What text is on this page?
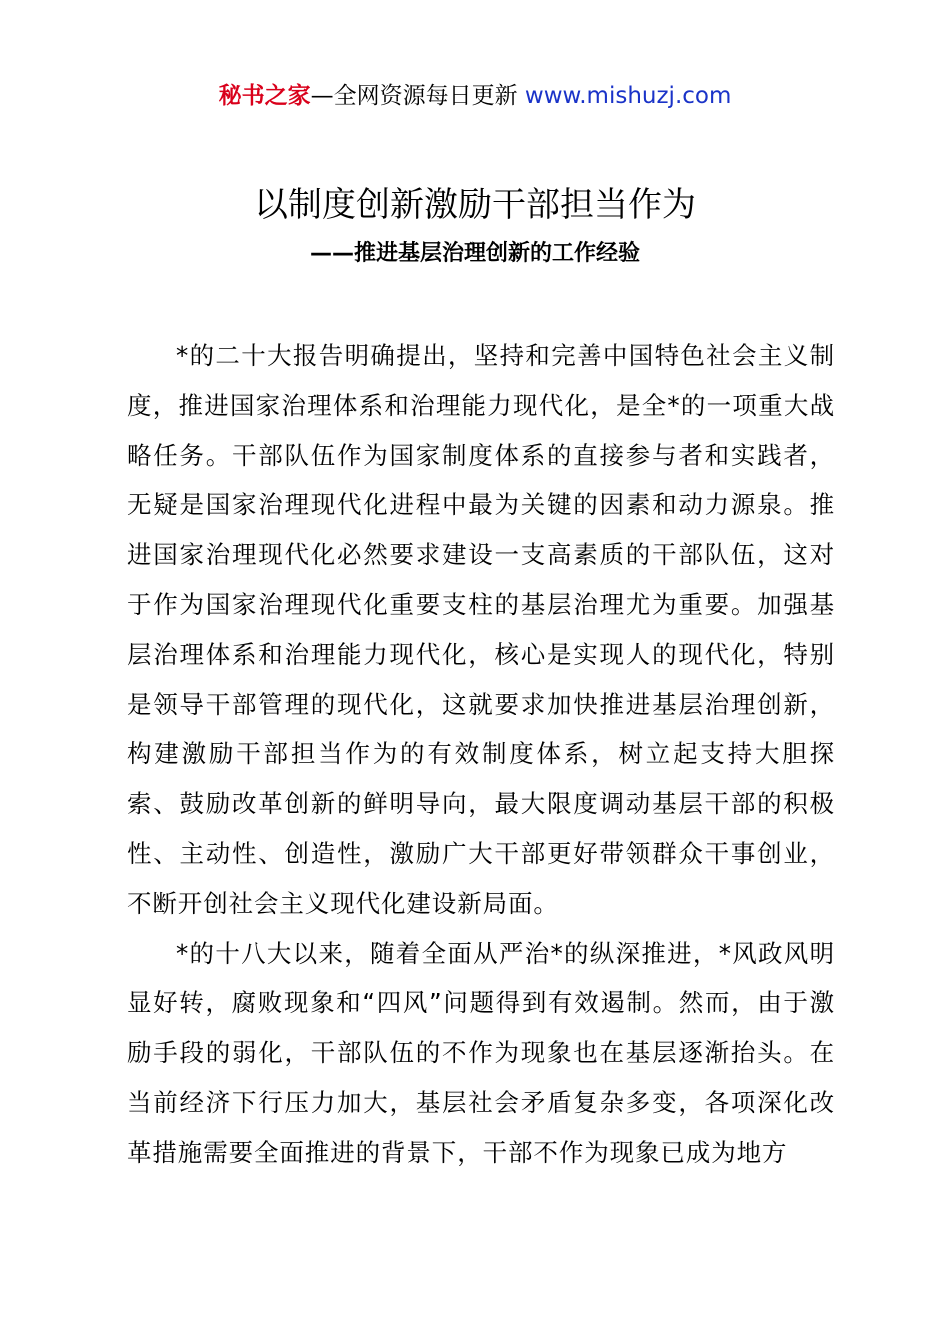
秘书之家—全网资源每日更新 www.mishuzj.com
以制度创新激励干部担当作为
——推进基层治理创新的工作经验

*的二十大报告明确提出，坚持和完善中国特色社会主义制度，推进国家治理体系和治理能力现代化，是全*的一项重大战略任务。干部队伍作为国家制度体系的直接参与者和实践者，无疑是国家治理现代化进程中最为关键的因素和动力源泉。推进国家治理现代化必然要求建设一支高素质的干部队伍，这对于作为国家治理现代化重要支柱的基层治理尤为重要。加强基层治理体系和治理能力现代化，核心是实现人的现代化，特别是领导干部管理的现代化，这就要求加快推进基层治理创新，构建激励干部担当作为的有效制度体系，树立起支持大胆探索、鼓励改革创新的鲜明导向，最大限度调动基层干部的积极性、主动性、创造性，激励广大干部更好带领群众干事创业，不断开创社会主义现代化建设新局面。

*的十八大以来，随着全面从严治*的纵深推进，*风政风明显好转，腐败现象和“四风”问题得到有效遏制。然而，由于激励手段的弱化，干部队伍的不作为现象也在基层逐渐抬头。在当前经济下行压力加大，基层社会矛盾复杂多变，各项深化改革措施需要全面推进的背景下，干部不作为现象已成为地方
